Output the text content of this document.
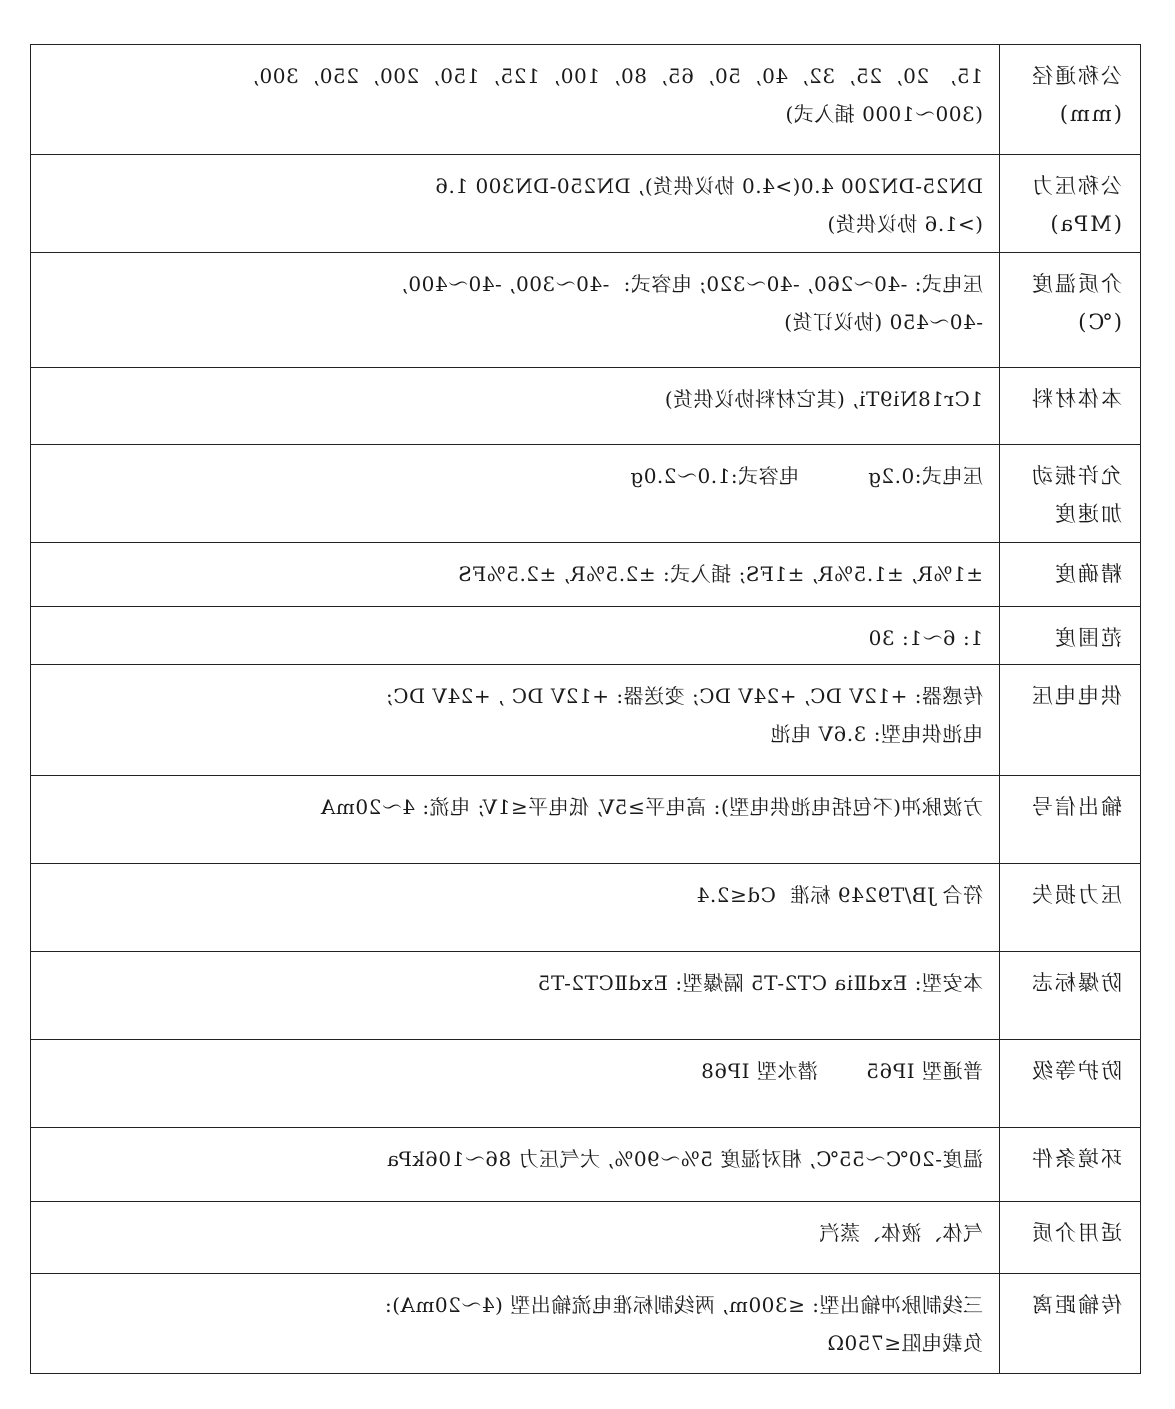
公称通径
(mm)	15,   20,  25,  32,  40,  50,  65,  80,  100,  125,  150,  200,  250,  300,
(300～1000 插入式)

公称压力
(MPa)	DN25-DN200 4.0(>4.0 协议供货), DN250-DN300 1.6
(>1.6 协议供货)

介质温度
(℃)	压电式: -40～260, -40～320; 电容式:  -40～300, -40～400,
-40～450 (协议订货)

本体材料	1Cr18Ni9Ti, (其它材料协议供货)

允许振动
加速度	压电式:0.2g          电容式:1.0～2.0g

精确度	±1%R, ±1.5%R, ±1FS; 插入式: ±2.5%R, ±2.5%FS

范围度	1: 6～1: 30

供电电压	传感器: +12V DC, +24V DC; 变送器: +12V DC , +24V DC;
电池供电型: 3.6V 电池

输出信号	方波脉冲(不包括电池供电型): 高电平≥5V, 低电平≤1V; 电流: 4～20mA

压力损失	符合 JB/T9249 标准  Cd≤2.4

防爆标志	本安型: ExdⅡia CT2-T5 隔爆型: ExdⅡCT2-T5

防护等级	普通型 IP65       潜水型 IP68

环境条件	温度-20℃～55℃, 相对湿度 5%～90%, 大气压力 86～106kPa

适用介质	气体、液体、蒸汽

传输距离	三线制脉冲输出型: ≤300m, 两线制标准电流输出型 (4～20mA):
负载电阻≤750Ω
